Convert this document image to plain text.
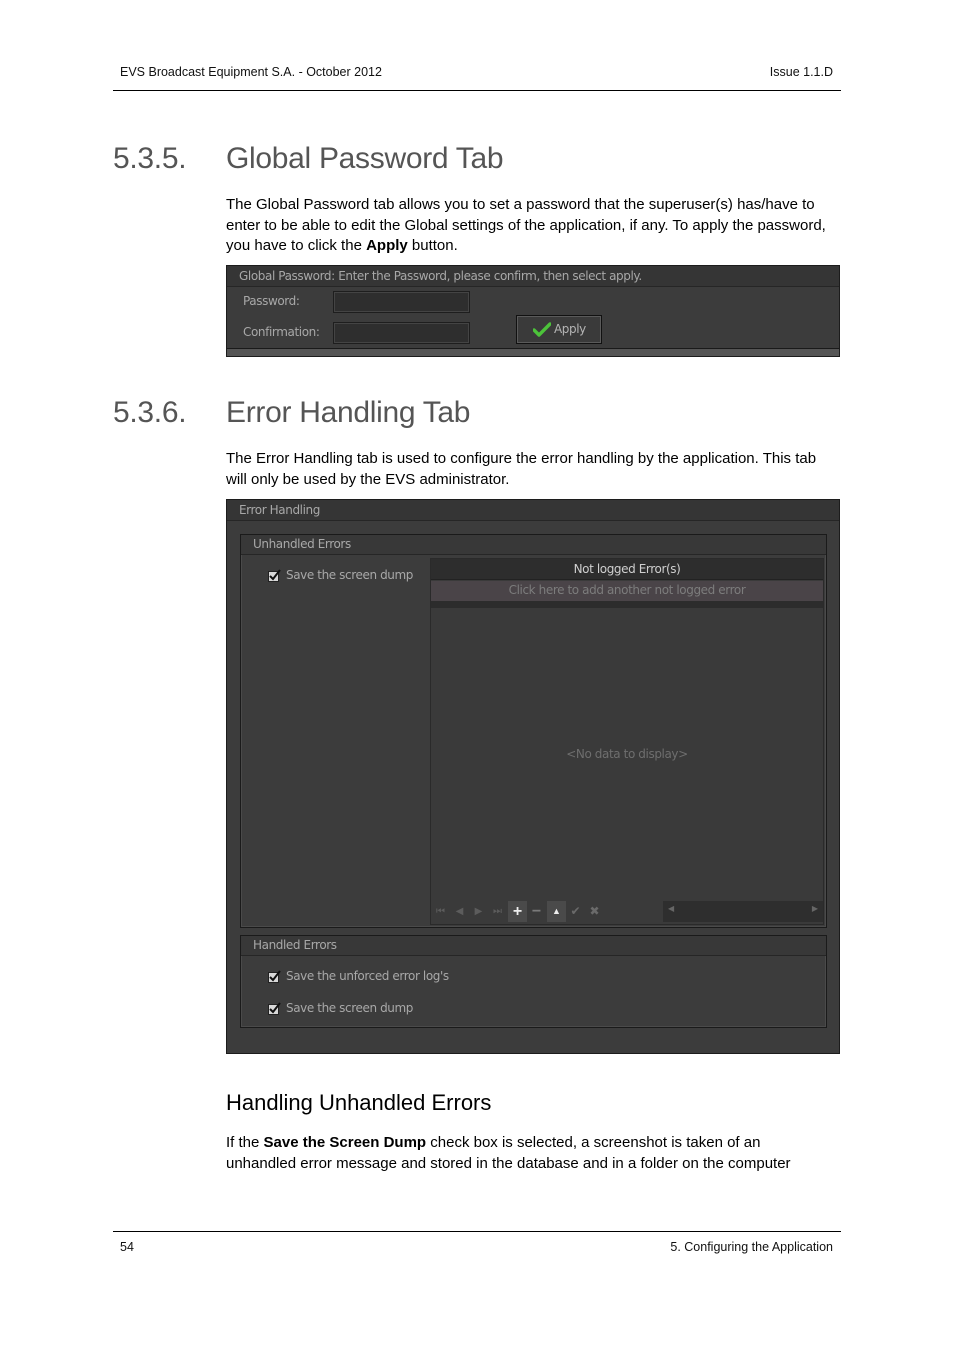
EVS Broadcast Equipment S.A. - October 2012	Issue 1.1.D
5.3.5. Global Password Tab
The Global Password tab allows you to set a password that the superuser(s) has/have to enter to be able to edit the Global settings of the application, if any. To apply the password, you have to click the Apply button.
Global Password: Enter the Password, please confirm, then select apply.
Password:
Confirmation:	Apply
5.3.6. Error Handling Tab
The Error Handling tab is used to configure the error handling by the application. This tab will only be used by the EVS administrator.
Error Handling
Unhandled Errors
Save the screen dump	Not logged Error(s)
Click here to add another not logged error
<No data to display>
⏮	◀	▶	⏭ + −	▲ ✔ ✖	◀	▶
Handled Errors
Save the unforced error log's
Save the screen dump
Handling Unhandled Errors
If the Save the Screen Dump check box is selected, a screenshot is taken of an unhandled error message and stored in the database and in a folder on the computer
54	5. Configuring the Application
